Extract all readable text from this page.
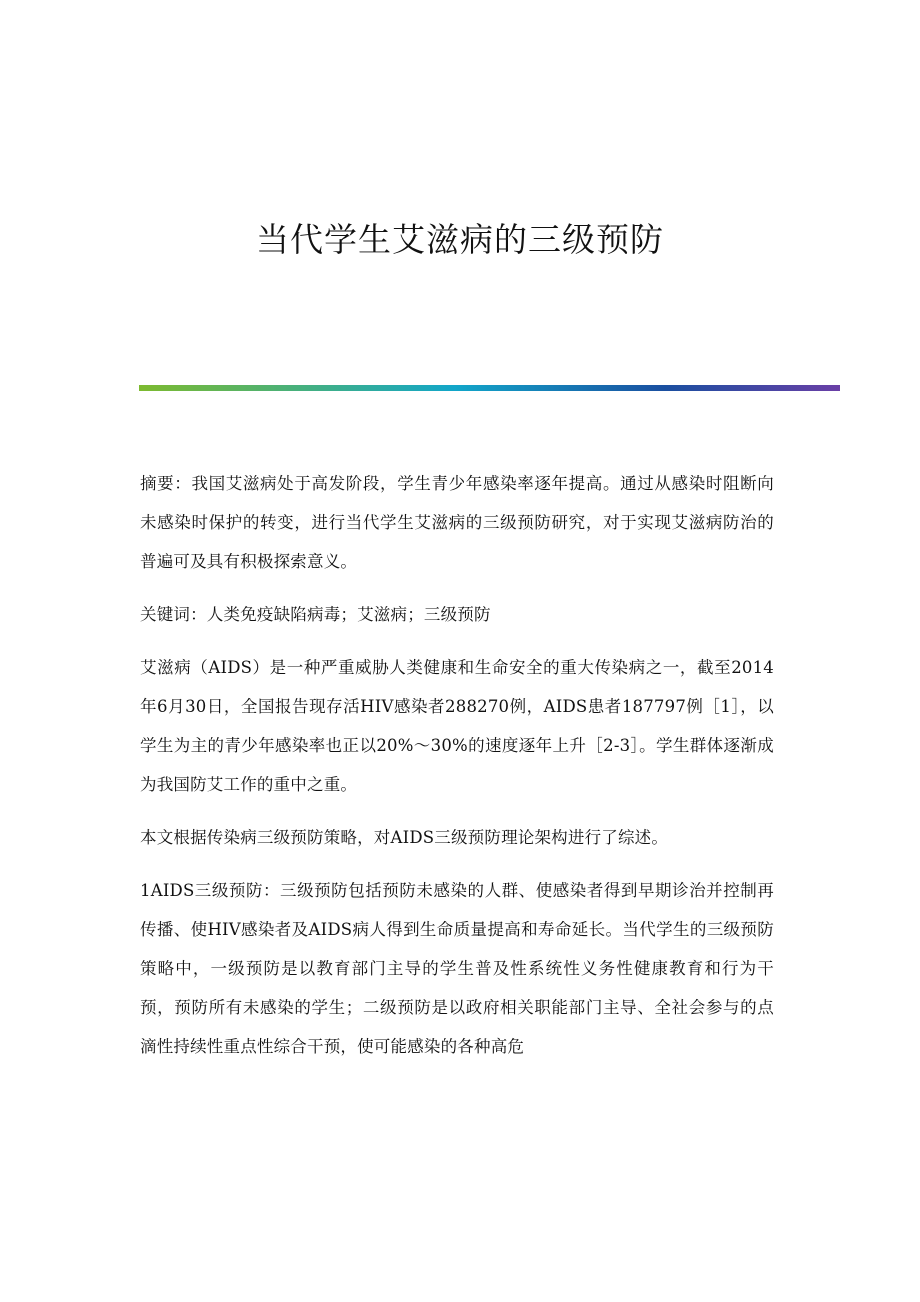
当代学生艾滋病的三级预防

摘要：我国艾滋病处于高发阶段，学生青少年感染率逐年提高。通过从感染时阻断向未感染时保护的转变，进行当代学生艾滋病的三级预防研究，对于实现艾滋病防治的普遍可及具有积极探索意义。

关键词：人类免疫缺陷病毒；艾滋病；三级预防

艾滋病（AIDS）是一种严重威胁人类健康和生命安全的重大传染病之一，截至2014年6月30日，全国报告现存活HIV感染者288270例，AIDS患者187797例［1］，以学生为主的青少年感染率也正以20%～30%的速度逐年上升［2-3］。学生群体逐渐成为我国防艾工作的重中之重。

本文根据传染病三级预防策略，对AIDS三级预防理论架构进行了综述。

1AIDS三级预防：三级预防包括预防未感染的人群、使感染者得到早期诊治并控制再传播、使HIV感染者及AIDS病人得到生命质量提高和寿命延长。当代学生的三级预防策略中，一级预防是以教育部门主导的学生普及性系统性义务性健康教育和行为干预，预防所有未感染的学生；二级预防是以政府相关职能部门主导、全社会参与的点滴性持续性重点性综合干预，使可能感染的各种高危
